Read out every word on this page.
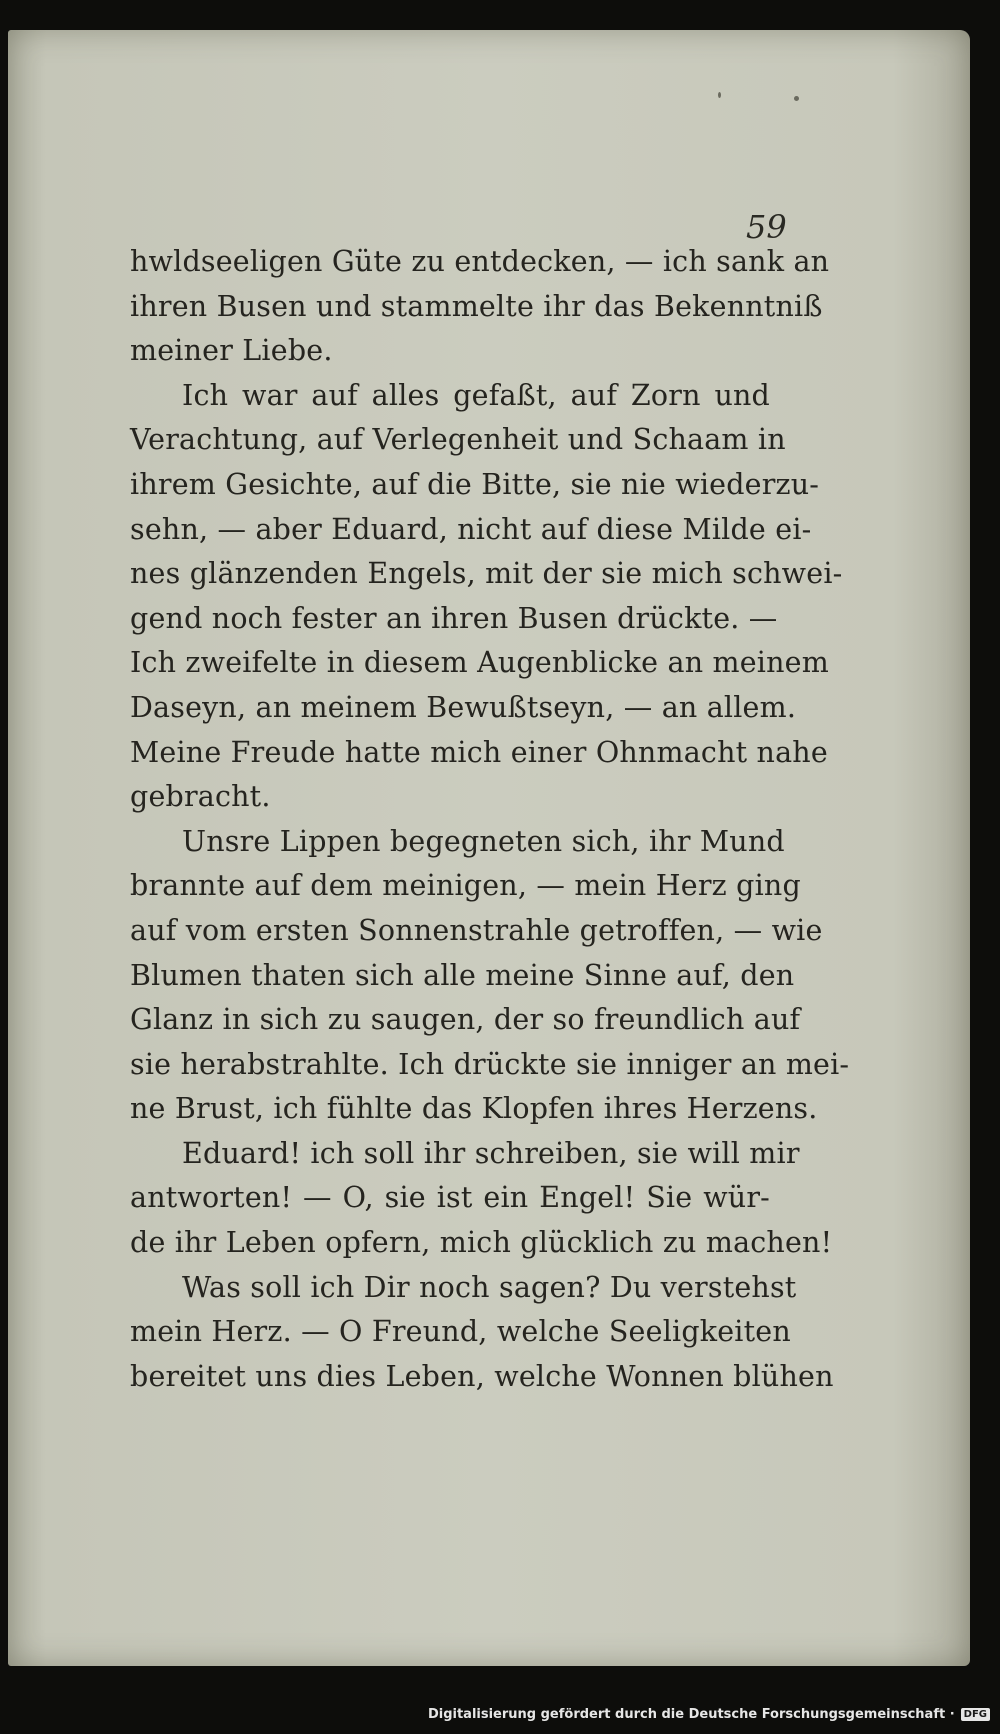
59
hwldseeligen Güte zu entdecken, — ich sank an
ihren Busen und stammelte ihr das Bekenntniß
meiner Liebe.
Ich war auf alles gefaßt, auf Zorn und
Verachtung, auf Verlegenheit und Schaam in
ihrem Gesichte, auf die Bitte, sie nie wiederzu-
sehn, — aber Eduard, nicht auf diese Milde ei-
nes glänzenden Engels, mit der sie mich schwei-
gend noch fester an ihren Busen drückte. —
Ich zweifelte in diesem Augenblicke an meinem
Daseyn, an meinem Bewußtseyn, — an allem.
Meine Freude hatte mich einer Ohnmacht nahe
gebracht.
Unsre Lippen begegneten sich, ihr Mund
brannte auf dem meinigen, — mein Herz ging
auf vom ersten Sonnenstrahle getroffen, — wie
Blumen thaten sich alle meine Sinne auf, den
Glanz in sich zu saugen, der so freundlich auf
sie herabstrahlte. Ich drückte sie inniger an mei-
ne Brust, ich fühlte das Klopfen ihres Herzens.
Eduard! ich soll ihr schreiben, sie will mir
antworten! — O, sie ist ein Engel! Sie wür-
de ihr Leben opfern, mich glücklich zu machen!
Was soll ich Dir noch sagen? Du verstehst
mein Herz. — O Freund, welche Seeligkeiten
bereitet uns dies Leben, welche Wonnen blühen
Digitalisierung gefördert durch die Deutsche Forschungsgemeinschaft · DFG
